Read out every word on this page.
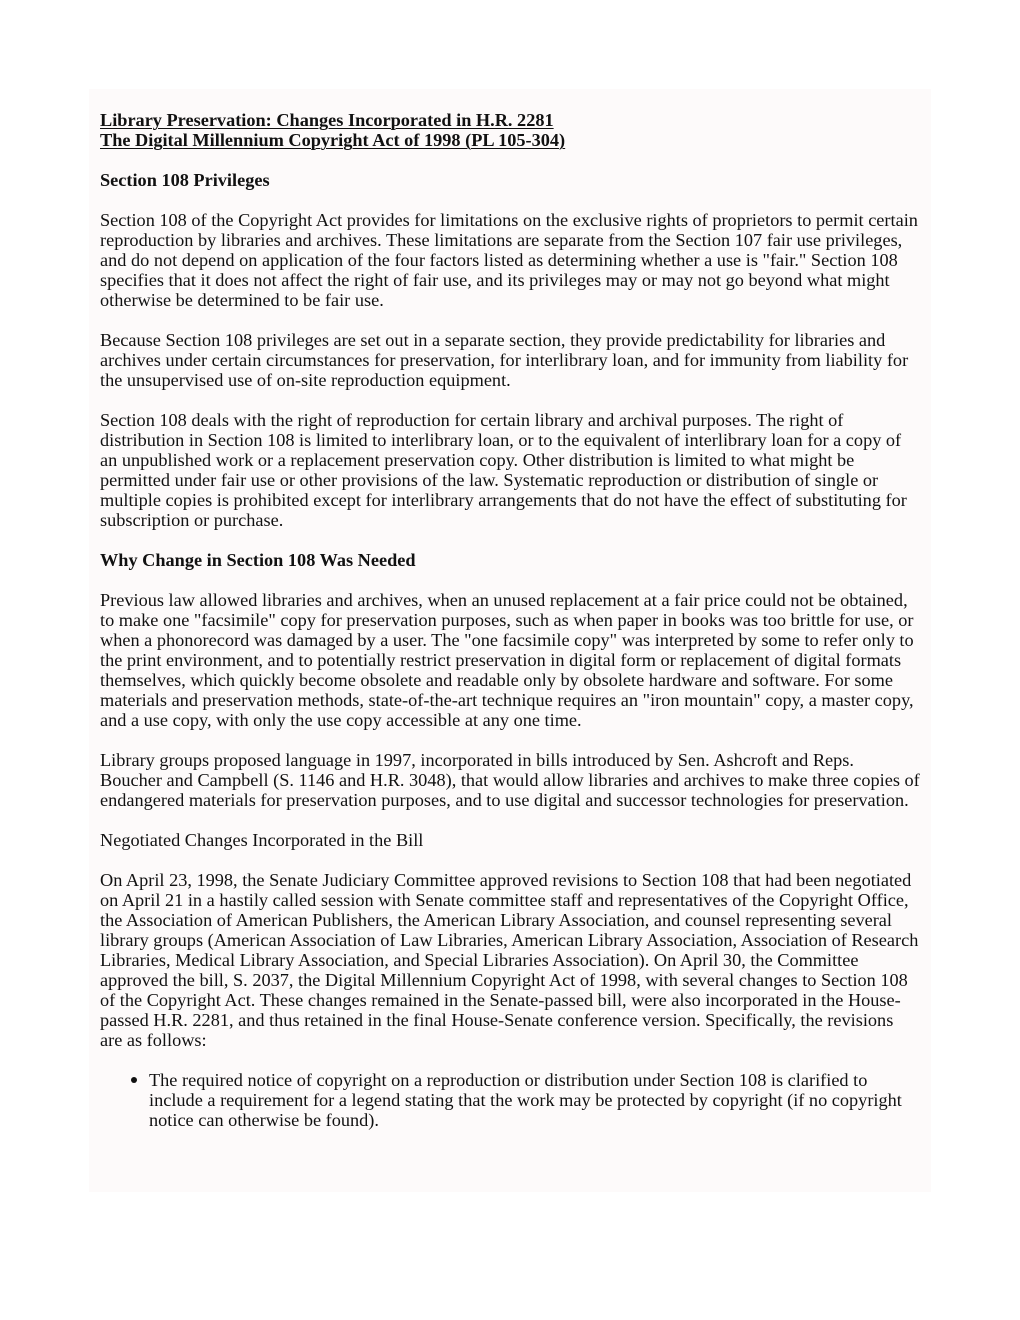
Library Preservation: Changes Incorporated in H.R. 2281
The Digital Millennium Copyright Act of 1998 (PL 105-304)
Section 108 Privileges

Section 108 of the Copyright Act provides for limitations on the exclusive rights of proprietors to permit certain reproduction by libraries and archives. These limitations are separate from the Section 107 fair use privileges, and do not depend on application of the four factors listed as determining whether a use is "fair." Section 108 specifies that it does not affect the right of fair use, and its privileges may or may not go beyond what might otherwise be determined to be fair use.

Because Section 108 privileges are set out in a separate section, they provide predictability for libraries and archives under certain circumstances for preservation, for interlibrary loan, and for immunity from liability for the unsupervised use of on-site reproduction equipment.

Section 108 deals with the right of reproduction for certain library and archival purposes. The right of distribution in Section 108 is limited to interlibrary loan, or to the equivalent of interlibrary loan for a copy of an unpublished work or a replacement preservation copy. Other distribution is limited to what might be permitted under fair use or other provisions of the law. Systematic reproduction or distribution of single or multiple copies is prohibited except for interlibrary arrangements that do not have the effect of substituting for subscription or purchase.

Why Change in Section 108 Was Needed

Previous law allowed libraries and archives, when an unused replacement at a fair price could not be obtained, to make one "facsimile" copy for preservation purposes, such as when paper in books was too brittle for use, or when a phonorecord was damaged by a user. The "one facsimile copy" was interpreted by some to refer only to the print environment, and to potentially restrict preservation in digital form or replacement of digital formats themselves, which quickly become obsolete and readable only by obsolete hardware and software. For some materials and preservation methods, state-of-the-art technique requires an "iron mountain" copy, a master copy, and a use copy, with only the use copy accessible at any one time.

Library groups proposed language in 1997, incorporated in bills introduced by Sen. Ashcroft and Reps. Boucher and Campbell (S. 1146 and H.R. 3048), that would allow libraries and archives to make three copies of endangered materials for preservation purposes, and to use digital and successor technologies for preservation.

Negotiated Changes Incorporated in the Bill

On April 23, 1998, the Senate Judiciary Committee approved revisions to Section 108 that had been negotiated on April 21 in a hastily called session with Senate committee staff and representatives of the Copyright Office, the Association of American Publishers, the American Library Association, and counsel representing several library groups (American Association of Law Libraries, American Library Association, Association of Research Libraries, Medical Library Association, and Special Libraries Association). On April 30, the Committee approved the bill, S. 2037, the Digital Millennium Copyright Act of 1998, with several changes to Section 108 of the Copyright Act. These changes remained in the Senate-passed bill, were also incorporated in the House-passed H.R. 2281, and thus retained in the final House-Senate conference version. Specifically, the revisions are as follows:

The required notice of copyright on a reproduction or distribution under Section 108 is clarified to include a requirement for a legend stating that the work may be protected by copyright (if no copyright notice can otherwise be found).
